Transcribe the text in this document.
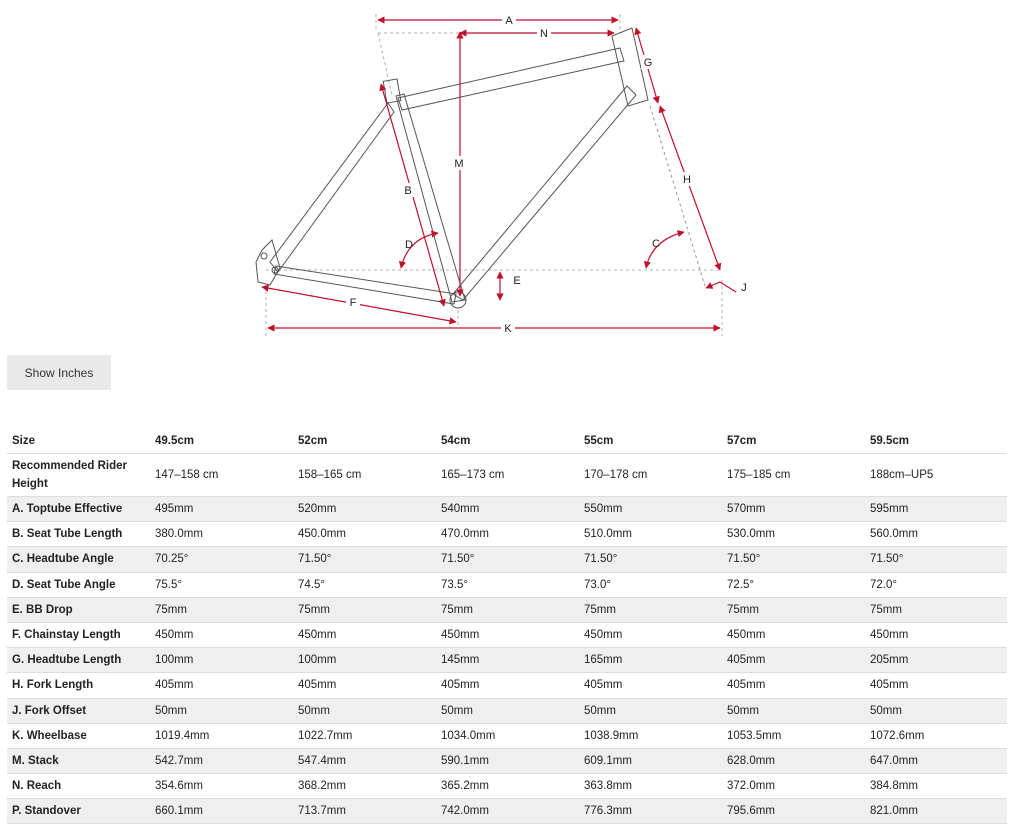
A
N
M
B
G
H
D	C
E
F
J
K
Show Inches
Size	49.5cm	52cm	54cm	55cm	57cm	59.5cm
Recommended Rider Height	147–158 cm	158–165 cm	165–173 cm	170–178 cm	175–185 cm	188cm–UP5
A. Toptube Effective	495mm	520mm	540mm	550mm	570mm	595mm
B. Seat Tube Length	380.0mm	450.0mm	470.0mm	510.0mm	530.0mm	560.0mm
C. Headtube Angle	70.25°	71.50°	71.50°	71.50°	71.50°	71.50°
D. Seat Tube Angle	75.5°	74.5°	73.5°	73.0°	72.5°	72.0°
E. BB Drop	75mm	75mm	75mm	75mm	75mm	75mm
F. Chainstay Length	450mm	450mm	450mm	450mm	450mm	450mm
G. Headtube Length	100mm	100mm	145mm	165mm	405mm	205mm
H. Fork Length	405mm	405mm	405mm	405mm	405mm	405mm
J. Fork Offset	50mm	50mm	50mm	50mm	50mm	50mm
K. Wheelbase	1019.4mm	1022.7mm	1034.0mm	1038.9mm	1053.5mm	1072.6mm
M. Stack	542.7mm	547.4mm	590.1mm	609.1mm	628.0mm	647.0mm
N. Reach	354.6mm	368.2mm	365.2mm	363.8mm	372.0mm	384.8mm
P. Standover	660.1mm	713.7mm	742.0mm	776.3mm	795.6mm	821.0mm
